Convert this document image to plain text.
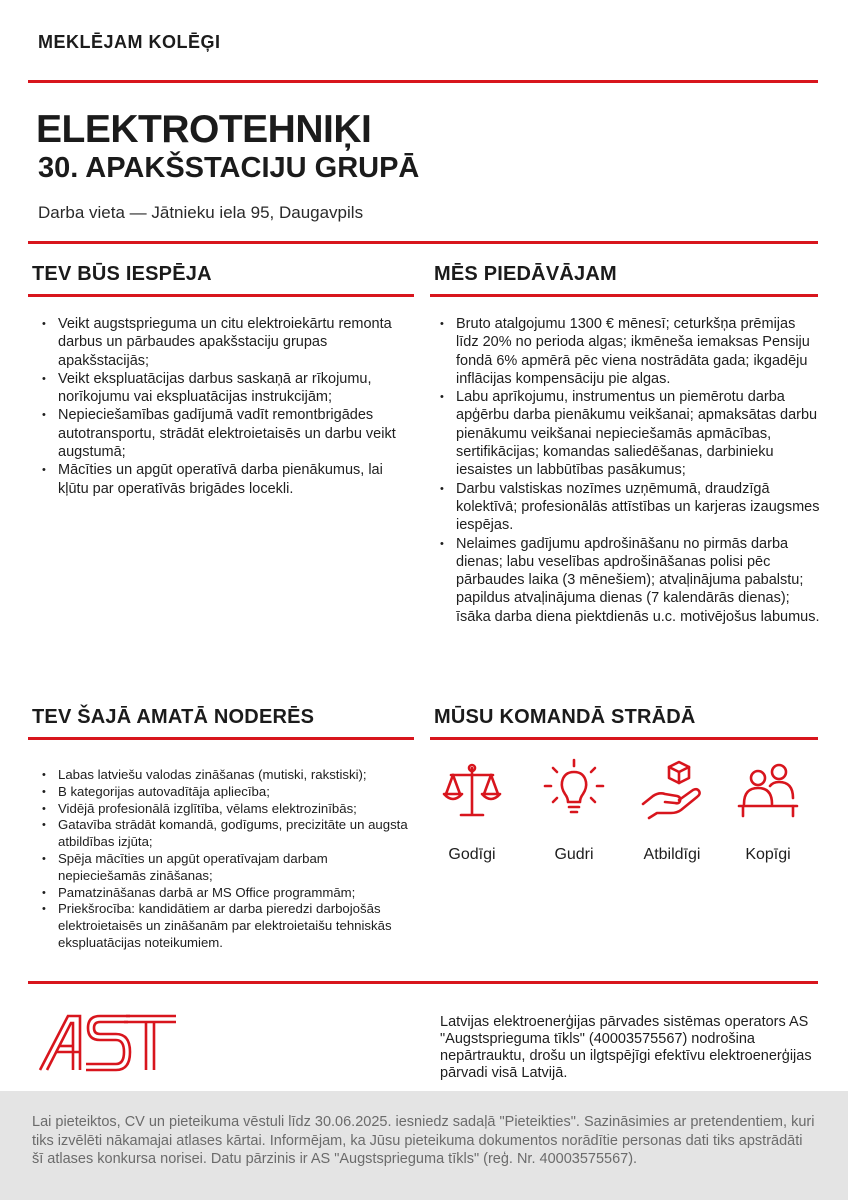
MEKLĒJAM KOLĒĢI
ELEKTROTEHNIĶI
30. APAKŠSTACIJU GRUPĀ
Darba vieta — Jātnieku iela 95, Daugavpils
TEV BŪS IESPĒJA
• Veikt augstsprieguma un citu elektroiekārtu remonta darbus un pārbaudes apakšstaciju grupas apakšstacijās;
• Veikt ekspluatācijas darbus saskaņā ar rīkojumu, norīkojumu vai ekspluatācijas instrukcijām;
• Nepieciešamības gadījumā vadīt remontbrigādes autotransportu, strādāt elektroietaisēs un darbu veikt augstumā;
• Mācīties un apgūt operatīvā darba pienākumus, lai kļūtu par operatīvās brigādes locekli.
MĒS PIEDĀVĀJAM
• Bruto atalgojumu 1300 € mēnesī; ceturkšņa prēmijas līdz 20% no perioda algas; ikmēneša iemaksas Pensiju fondā 6% apmērā pēc viena nostrādāta gada; ikgadēju inflācijas kompensāciju pie algas.
• Labu aprīkojumu, instrumentus un piemērotu darba apģērbu darba pienākumu veikšanai; apmaksātas darbu pienākumu veikšanai nepieciešamās apmācības, sertifikācijas; komandas saliedēšanas, darbinieku iesaistes un labbūtības pasākumus;
• Darbu valstiskas nozīmes uzņēmumā, draudzīgā kolektīvā; profesionālās attīstības un karjeras izaugsmes iespējas.
• Nelaimes gadījumu apdrošināšanu no pirmās darba dienas; labu veselības apdrošināšanas polisi pēc pārbaudes laika (3 mēnešiem); atvaļinājuma pabalstu; papildus atvaļinājuma dienas (7 kalendārās dienas); īsāka darba diena piektdienās u.c. motivējošus labumus.
TEV ŠAJĀ AMATĀ NODERĒS
• Labas latviešu valodas zināšanas (mutiski, rakstiski);
• B kategorijas autovadītāja apliecība;
• Vidējā profesionālā izglītība, vēlams elektrozinībās;
• Gatavība strādāt komandā, godīgums, precizitāte un augsta atbildības izjūta;
• Spēja mācīties un apgūt operatīvajam darbam nepieciešamās zināšanas;
• Pamatzināšanas darbā ar MS Office programmām;
• Priekšrocība: kandidātiem ar darba pieredzi darbojošās elektroietaisēs un zināšanām par elektroietaišu tehniskās ekspluatācijas noteikumiem.
MŪSU KOMANDĀ STRĀDĀ
Godīgi	Gudri	Atbildīgi	Kopīgi
Latvijas elektroenerģijas pārvades sistēmas operators AS "Augstsprieguma tīkls" (40003575567) nodrošina nepārtrauktu, drošu un ilgtspējīgi efektīvu elektroenerģijas pārvadi visā Latvijā.

Lai pieteiktos, CV un pieteikuma vēstuli līdz 30.06.2025. iesniedz sadaļā "Pieteikties". Sazināsimies ar pretendentiem, kuri tiks izvēlēti nākamajai atlases kārtai. Informējam, ka Jūsu pieteikuma dokumentos norādītie personas dati tiks apstrādāti šī atlases konkursa norisei. Datu pārzinis ir AS "Augstsprieguma tīkls" (reģ. Nr. 40003575567).
